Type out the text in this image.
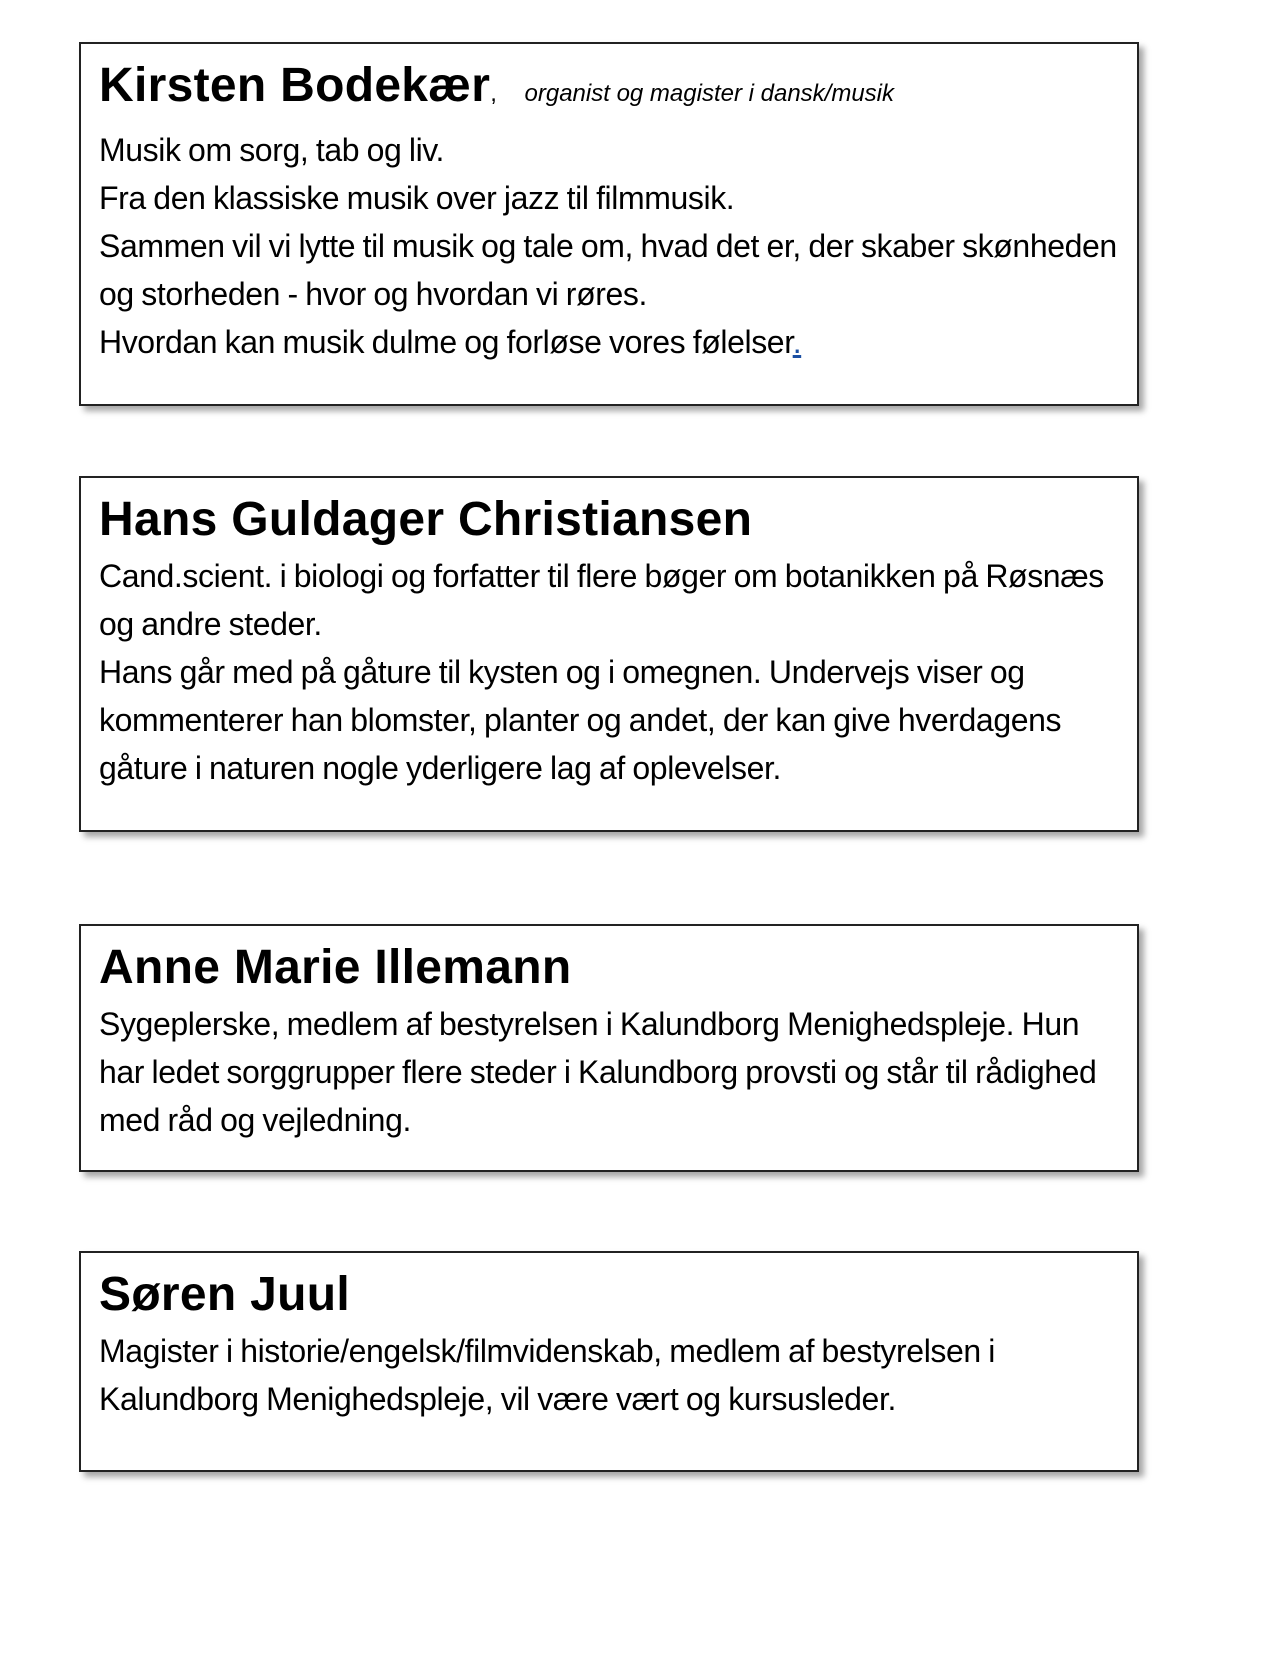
Kirsten Bodekær, organist og magister i dansk/musik

Musik om sorg, tab og liv.

Fra den klassiske musik over jazz til filmmusik.

Sammen vil vi lytte til musik og tale om, hvad det er, der skaber skønheden og storheden - hvor og hvordan vi røres.

Hvordan kan musik dulme og forløse vores følelser.

Hans Guldager Christiansen

Cand.scient. i biologi og forfatter til flere bøger om botanikken på Røsnæs og andre steder.

Hans går med på gåture til kysten og i omegnen. Undervejs viser og kommenterer han blomster, planter og andet, der kan give hverdagens gåture i naturen nogle yderligere lag af oplevelser.

Anne Marie Illemann

Sygeplerske, medlem af bestyrelsen i Kalundborg Menighedspleje. Hun har ledet sorggrupper flere steder i Kalundborg provsti og står til rådighed med råd og vejledning.

Søren Juul

Magister i historie/engelsk/filmvidenskab, medlem af bestyrelsen i Kalundborg Menighedspleje, vil være vært og kursusleder.
